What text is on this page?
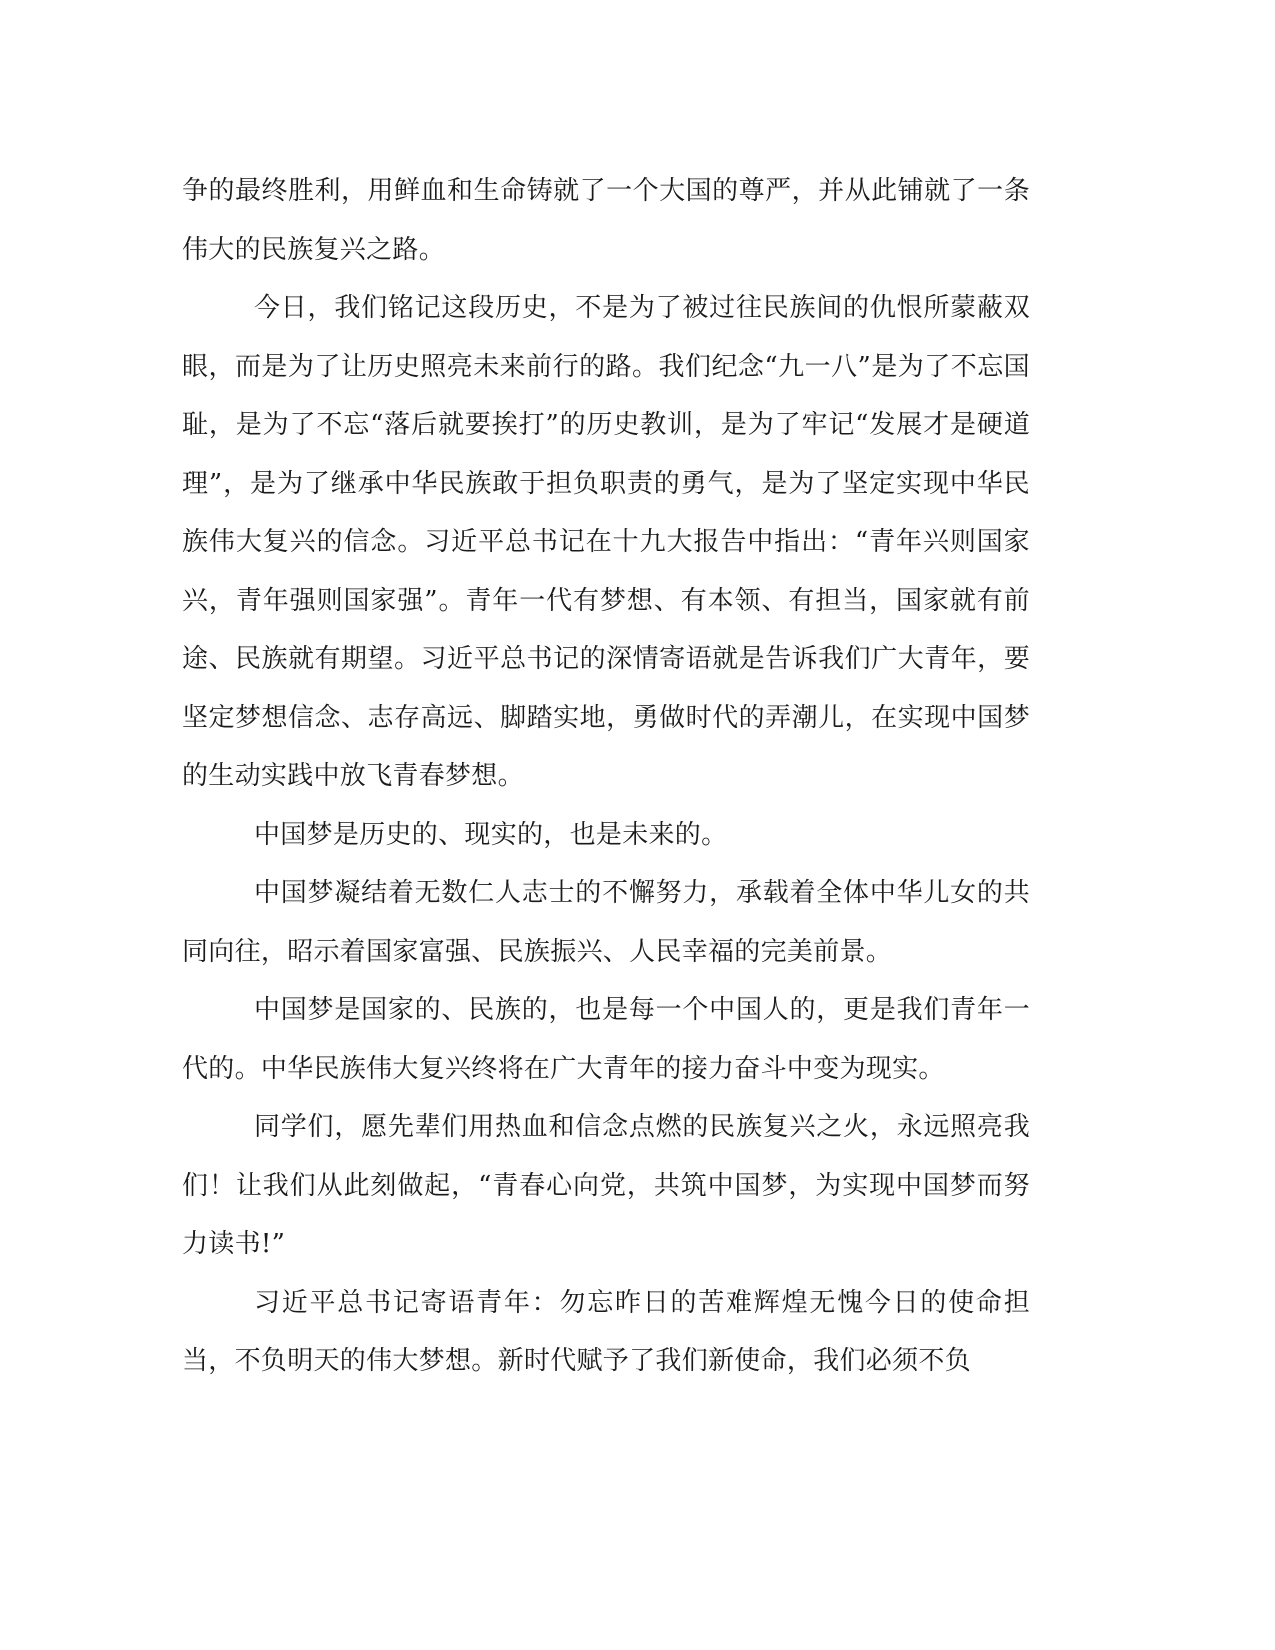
争的最终胜利，用鲜血和生命铸就了一个大国的尊严，并从此铺就了一条伟大的民族复兴之路。

今日，我们铭记这段历史，不是为了被过往民族间的仇恨所蒙蔽双眼，而是为了让历史照亮未来前行的路。我们纪念“九一八”是为了不忘国耻，是为了不忘“落后就要挨打”的历史教训，是为了牢记“发展才是硬道理”，是为了继承中华民族敢于担负职责的勇气，是为了坚定实现中华民族伟大复兴的信念。习近平总书记在十九大报告中指出：“青年兴则国家兴，青年强则国家强”。青年一代有梦想、有本领、有担当，国家就有前途、民族就有期望。习近平总书记的深情寄语就是告诉我们广大青年，要坚定梦想信念、志存高远、脚踏实地，勇做时代的弄潮儿，在实现中国梦的生动实践中放飞青春梦想。

中国梦是历史的、现实的，也是未来的。

中国梦凝结着无数仁人志士的不懈努力，承载着全体中华儿女的共同向往，昭示着国家富强、民族振兴、人民幸福的完美前景。

中国梦是国家的、民族的，也是每一个中国人的，更是我们青年一代的。中华民族伟大复兴终将在广大青年的接力奋斗中变为现实。

同学们，愿先辈们用热血和信念点燃的民族复兴之火，永远照亮我们！让我们从此刻做起，“青春心向党，共筑中国梦，为实现中国梦而努力读书!”

习近平总书记寄语青年：勿忘昨日的苦难辉煌无愧今日的使命担当，不负明天的伟大梦想。新时代赋予了我们新使命，我们必须不负
